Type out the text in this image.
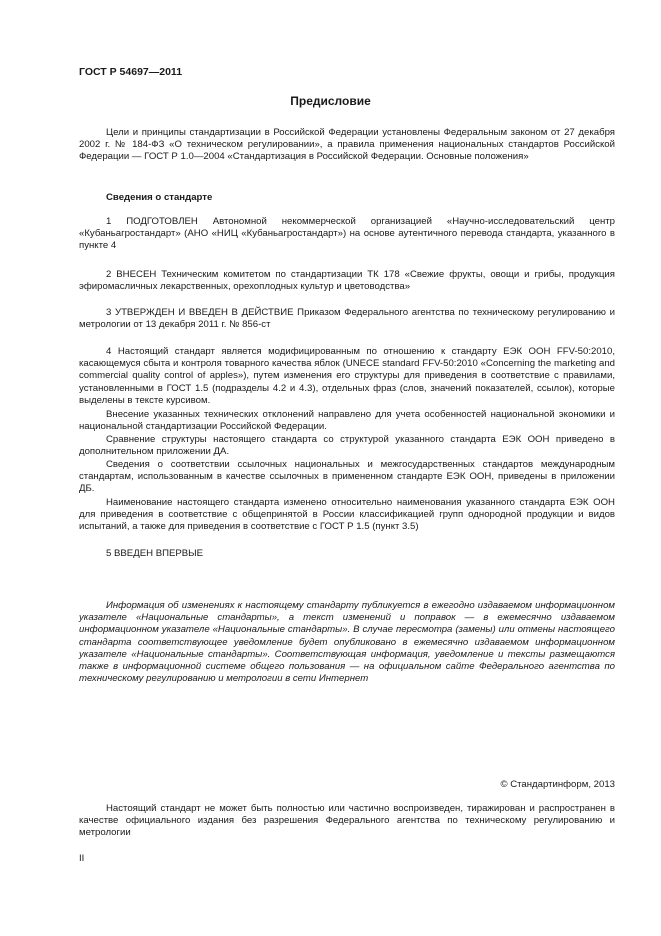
ГОСТ Р 54697—2011
Предисловие

Цели и принципы стандартизации в Российской Федерации установлены Федеральным законом от 27 декабря 2002 г. № 184-ФЗ «О техническом регулировании», а правила применения национальных стандартов Российской Федерации — ГОСТ Р 1.0—2004 «Стандартизация в Российской Федерации. Основные положения»

Сведения о стандарте

1 ПОДГОТОВЛЕН Автономной некоммерческой организацией «Научно-исследовательский центр «Кубаньагростандарт» (АНО «НИЦ «Кубаньагростандарт») на основе аутентичного перевода стандарта, указанного в пункте 4

2 ВНЕСЕН Техническим комитетом по стандартизации ТК 178 «Свежие фрукты, овощи и грибы, продукция эфиромасличных лекарственных, орехоплодных культур и цветоводства»

3 УТВЕРЖДЕН И ВВЕДЕН В ДЕЙСТВИЕ Приказом Федерального агентства по техническому регулированию и метрологии от 13 декабря 2011 г. № 856-ст

4 Настоящий стандарт является модифицированным по отношению к стандарту ЕЭК ООН FFV-50:2010, касающемуся сбыта и контроля товарного качества яблок (UNECE standard FFV-50:2010 «Concerning the marketing and commercial quality control of apples»), путем изменения его структуры для приведения в соответствие с правилами, установленными в ГОСТ 1.5 (подразделы 4.2 и 4.3), отдельных фраз (слов, значений показателей, ссылок), которые выделены в тексте курсивом.

Внесение указанных технических отклонений направлено для учета особенностей национальной экономики и национальной стандартизации Российской Федерации.

Сравнение структуры настоящего стандарта со структурой указанного стандарта ЕЭК ООН приведено в дополнительном приложении ДА.

Сведения о соответствии ссылочных национальных и межгосударственных стандартов международным стандартам, использованным в качестве ссылочных в примененном стандарте ЕЭК ООН, приведены в приложении ДБ.

Наименование настоящего стандарта изменено относительно наименования указанного стандарта ЕЭК ООН для приведения в соответствие с общепринятой в России классификацией групп однородной продукции и видов испытаний, а также для приведения в соответствие с ГОСТ Р 1.5 (пункт 3.5)

5 ВВЕДЕН ВПЕРВЫЕ

Информация об изменениях к настоящему стандарту публикуется в ежегодно издаваемом информационном указателе «Национальные стандарты», а текст изменений и поправок — в ежемесячно издаваемом информационном указателе «Национальные стандарты». В случае пересмотра (замены) или отмены настоящего стандарта соответствующее уведомление будет опубликовано в ежемесячно издаваемом информационном указателе «Национальные стандарты». Соответствующая информация, уведомление и тексты размещаются также в информационной системе общего пользования — на официальном сайте Федерального агентства по техническому регулированию и метрологии в сети Интернет

© Стандартинформ, 2013

Настоящий стандарт не может быть полностью или частично воспроизведен, тиражирован и распространен в качестве официального издания без разрешения Федерального агентства по техническому регулированию и метрологии

II
